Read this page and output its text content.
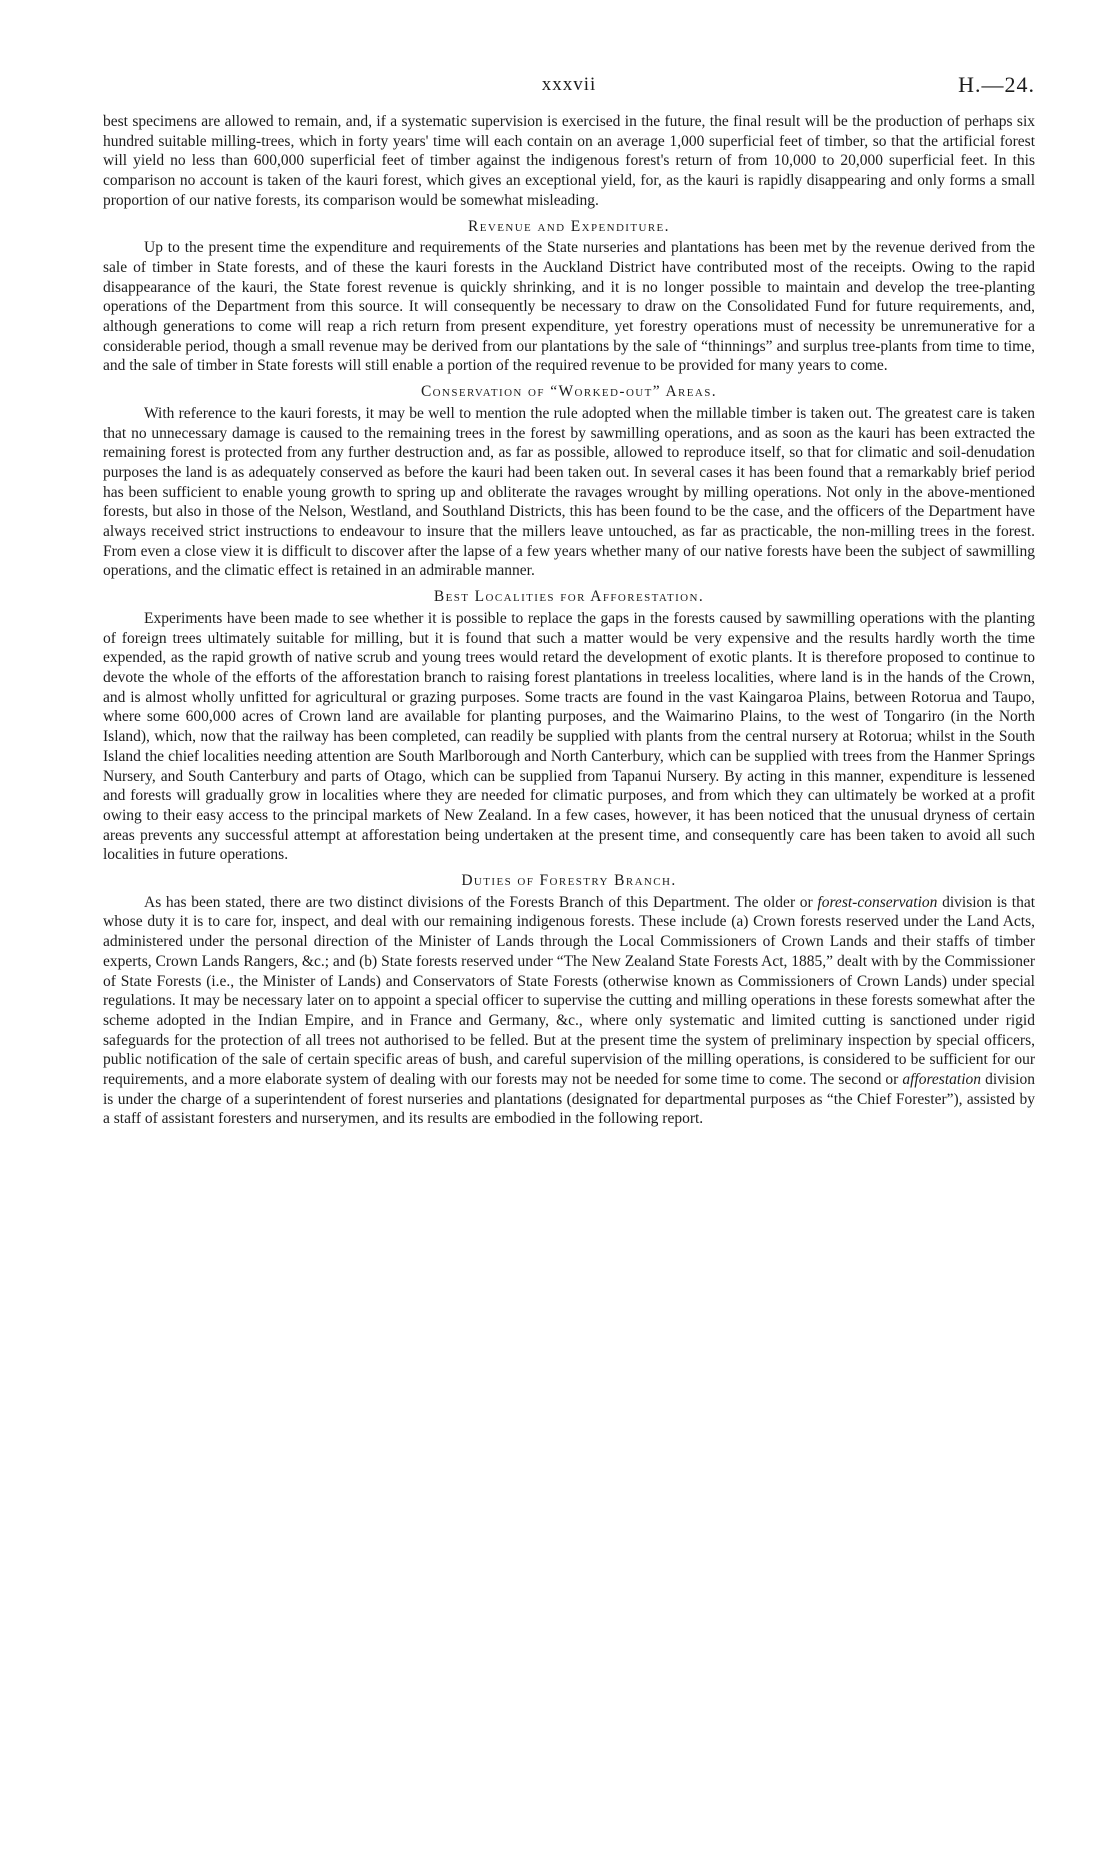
xxxvii	H.—24.

best specimens are allowed to remain, and, if a systematic supervision is exercised in the future, the final result will be the production of perhaps six hundred suitable milling-trees, which in forty years' time will each contain on an average 1,000 superficial feet of timber, so that the artificial forest will yield no less than 600,000 superficial feet of timber against the indigenous forest's return of from 10,000 to 20,000 superficial feet. In this comparison no account is taken of the kauri forest, which gives an exceptional yield, for, as the kauri is rapidly disappearing and only forms a small proportion of our native forests, its comparison would be somewhat misleading.

Revenue and Expenditure.

Up to the present time the expenditure and requirements of the State nurseries and plantations has been met by the revenue derived from the sale of timber in State forests, and of these the kauri forests in the Auckland District have contributed most of the receipts. Owing to the rapid disappearance of the kauri, the State forest revenue is quickly shrinking, and it is no longer possible to maintain and develop the tree-planting operations of the Department from this source. It will consequently be necessary to draw on the Consolidated Fund for future requirements, and, although generations to come will reap a rich return from present expenditure, yet forestry operations must of necessity be unremunerative for a considerable period, though a small revenue may be derived from our plantations by the sale of “thinnings” and surplus tree-plants from time to time, and the sale of timber in State forests will still enable a portion of the required revenue to be provided for many years to come.

Conservation of “Worked-out” Areas.

With reference to the kauri forests, it may be well to mention the rule adopted when the millable timber is taken out. The greatest care is taken that no unnecessary damage is caused to the remaining trees in the forest by sawmilling operations, and as soon as the kauri has been extracted the remaining forest is protected from any further destruction and, as far as possible, allowed to reproduce itself, so that for climatic and soil-denudation purposes the land is as adequately conserved as before the kauri had been taken out. In several cases it has been found that a remarkably brief period has been sufficient to enable young growth to spring up and obliterate the ravages wrought by milling operations. Not only in the above-mentioned forests, but also in those of the Nelson, Westland, and Southland Districts, this has been found to be the case, and the officers of the Department have always received strict instructions to endeavour to insure that the millers leave untouched, as far as practicable, the non-milling trees in the forest. From even a close view it is difficult to discover after the lapse of a few years whether many of our native forests have been the subject of sawmilling operations, and the climatic effect is retained in an admirable manner.

Best Localities for Afforestation.

Experiments have been made to see whether it is possible to replace the gaps in the forests caused by sawmilling operations with the planting of foreign trees ultimately suitable for milling, but it is found that such a matter would be very expensive and the results hardly worth the time expended, as the rapid growth of native scrub and young trees would retard the development of exotic plants. It is therefore proposed to continue to devote the whole of the efforts of the afforestation branch to raising forest plantations in treeless localities, where land is in the hands of the Crown, and is almost wholly unfitted for agricultural or grazing purposes. Some tracts are found in the vast Kaingaroa Plains, between Rotorua and Taupo, where some 600,000 acres of Crown land are available for planting purposes, and the Waimarino Plains, to the west of Tongariro (in the North Island), which, now that the railway has been completed, can readily be supplied with plants from the central nursery at Rotorua; whilst in the South Island the chief localities needing attention are South Marlborough and North Canterbury, which can be supplied with trees from the Hanmer Springs Nursery, and South Canterbury and parts of Otago, which can be supplied from Tapanui Nursery. By acting in this manner, expenditure is lessened and forests will gradually grow in localities where they are needed for climatic purposes, and from which they can ultimately be worked at a profit owing to their easy access to the principal markets of New Zealand. In a few cases, however, it has been noticed that the unusual dryness of certain areas prevents any successful attempt at afforestation being undertaken at the present time, and consequently care has been taken to avoid all such localities in future operations.

Duties of Forestry Branch.

As has been stated, there are two distinct divisions of the Forests Branch of this Department. The older or forest-conservation division is that whose duty it is to care for, inspect, and deal with our remaining indigenous forests. These include (a) Crown forests reserved under the Land Acts, administered under the personal direction of the Minister of Lands through the Local Commissioners of Crown Lands and their staffs of timber experts, Crown Lands Rangers, &c.; and (b) State forests reserved under “The New Zealand State Forests Act, 1885,” dealt with by the Commissioner of State Forests (i.e., the Minister of Lands) and Conservators of State Forests (otherwise known as Commissioners of Crown Lands) under special regulations. It may be necessary later on to appoint a special officer to supervise the cutting and milling operations in these forests somewhat after the scheme adopted in the Indian Empire, and in France and Germany, &c., where only systematic and limited cutting is sanctioned under rigid safeguards for the protection of all trees not authorised to be felled. But at the present time the system of preliminary inspection by special officers, public notification of the sale of certain specific areas of bush, and careful supervision of the milling operations, is considered to be sufficient for our requirements, and a more elaborate system of dealing with our forests may not be needed for some time to come. The second or afforestation division is under the charge of a superintendent of forest nurseries and plantations (designated for departmental purposes as “the Chief Forester”), assisted by a staff of assistant foresters and nurserymen, and its results are embodied in the following report.
